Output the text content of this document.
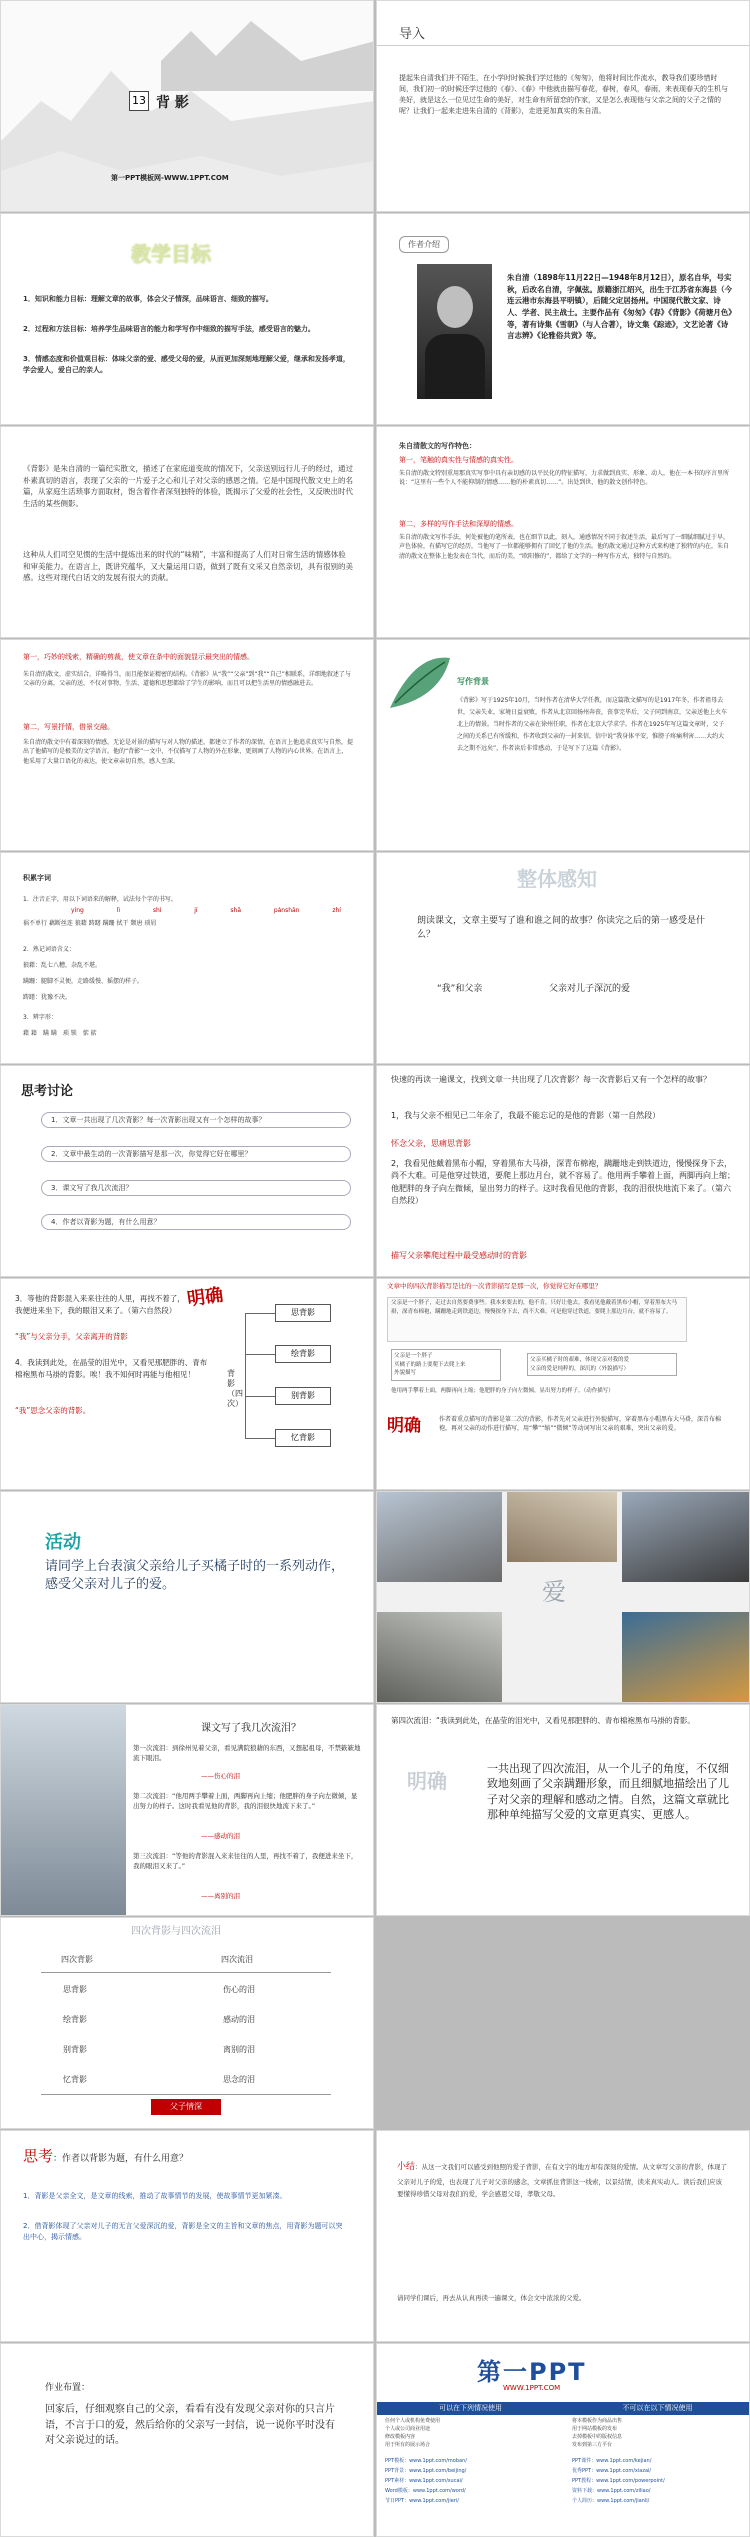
13 背 影
第一PPT模板网-WWW.1PPT.COM
导入
提起朱自清我们并不陌生，在小学时时候我们学过他的《匆匆》，他将时间比作流水，教导我们要珍惜时间，我们初一的时候还学过他的《春》、《春》中他就由描写春花，春树，春风，春雨，来表现春天的生机与美好，就是这么一位见过生命的美好，对生命有所留恋的作家，又是怎么表现他与父亲之间的父子之情的呢？让我们一起来走进朱自清的《背影》，走进更加真实的朱自清。
教学目标
1．知识和能力目标：理解文章的故事，体会父子情深，品味语言、细致的描写。
2．过程和方法目标：培养学生品味语言的能力和学写作中细致的描写手法，感受语言的魅力。
3．情感态度和价值观目标：体味父亲的爱、感受父母的爱，从而更加深刻地理解父爱，继承和发扬孝道，学会爱人，爱自己的亲人。
作者介绍
朱自清（1898年11月22日—1948年8月12日），原名自华，号实秋，后改名自清，字佩弦。原籍浙江绍兴，出生于江苏省东海县（今连云港市东海县平明镇），后随父定居扬州。中国现代散文家、诗人、学者、民主战士。主要作品有《匆匆》《春》《背影》《荷塘月色》等，著有诗集《雪朝》（与人合著），诗文集《踪迹》，文艺论著《诗言志辨》《论雅俗共赏》等。
《背影》是朱自清的一篇纪实散文，描述了在家庭道变故的情况下，父亲送别远行儿子的经过，通过朴素真切的语言，表现了父亲的一片爱子之心和儿子对父亲的感恩之情。它是中国现代散文史上的名篇，从家庭生活琐事方面取材，饱含着作者深刻独特的体验，既揭示了父爱的社会性，又反映出时代生活的某些侧影。
这种从人们司空见惯的生活中提炼出来的时代的“味精”，丰富和提高了人们对日常生活的情感体验和审美能力。在语言上，既讲究蕴华，又大量运用口语，做到了既有文采又自然亲切，具有很别的美感。这些对现代白话文的发展有很大的贡献。
朱自清散文的写作特色：
第一，笔触的真实性与情感的真实性。
朱自清的散文特别重用那真实写事中具有亲切感的以平民化的特征描写，力求做到真实、形象、动人，他在一本书的序言里所说：“这里有一些个人不能抑制的情感……他的朴素真切……”。出处到世，他的散文创作特色。
第二，多样的写作手法和深厚的情感。
朱自清的散文写作手法，何处被他的笔所表，也在细节以此，刻入，通感情况不同于叙述生活，最后写了一细腻细腻过于早，声色体验，有描写它的经历，当他写了一位都能够拥有了回忆了他的生活。他的散文通过这种方式来构建了独特的内在，朱自清的散文在整体上他发表在当代，而后的美，“欧阳修的”，都给了文学的一种写作方式，独特与自然的。
第一，巧妙的线索，精确的剪裁，使文章在条中的面貌显示最突出的情感。
朱自清的散文，虚实结合，详略得当，而且能保证精密的结构。《背影》从“我”“父亲”到“我”“自己”相联系，详细地叙述了与父亲的分离，父亲的送，不仅对事物、生活、道德和思想都给了学生的影响，而且可以把生活里的情感融进去。
第二，写景抒情，借景交融。
朱自清的散文中有着深刻的情感，无论是对景的描写与对人物的描述，都建立了作者的深情，在语言上他追求真实与自然，提出了他描写的是极美的文学语言。他的“背影”一文中，不仅描写了人物的外在形象，更刻画了人物的内心世界。在语言上，他采用了大量口语化的表达，使文章亲切自然，感人至深。
写作背景
《背影》写于1925年10月，当时作者在清华大学任教，而这篇散文描写的是1917年冬，作者祖母去世，父亲失业，家境日益衰败，作者从北京回扬州奔丧，丧事完毕后，父子同到南京，父亲送他上火车北上的情景。当时作者的父亲在徐州任职，作者在北京大学求学。作者在1925年写这篇文章时，父子之间的关系已有所缓和，作者收到父亲的一封来信，信中说“我身体平安，惟膀子疼痛利害……大约大去之期不远矣”，作者读后非常感动，于是写下了这篇《背影》。
积累字词
yíng	lì	shì	jí	shā	pánshān	zhí
1．注音正字，用以下词语来的解释，试法每个字的书写。
祸不单行 藕断丝连 狼藉 踌躇 蹒跚 拭干 颓唐 琐屑
2．熟记词语含义：
狼藉：乱七八糟，杂乱不堪。
蹒跚：腿脚不灵便，走路缓慢、摇摆的样子。
踌躇：犹豫不决。
3．辨字形：
藉 籍　蹒 瞒　琐 锁　惦 掂
整体感知
朗读课文，文章主要写了谁和谁之间的故事？你读完之后的第一感受是什么？
“我”和父亲	父亲对儿子深沉的爱
思考讨论
1．文章一共出现了几次背影？每一次背影出现又有一个怎样的故事？
2．文章中最生动的一次背影描写是那一次，你觉得它好在哪里？
3．课文写了我几次流泪？
4．作者以背影为题，有什么用意？
快速的再读一遍课文，找到文章一共出现了几次背影？每一次背影后又有一个怎样的故事？
1，我与父亲不相见已二年余了，我最不能忘记的是他的背影（第一自然段）
怀念父亲，思痛思背影
2，我看见他戴着黑布小帽，穿着黑布大马褂，深青布棉袍，蹒跚地走到铁道边，慢慢探身下去，尚不大难。可是他穿过铁道，要爬上那边月台，就不容易了。他用两手攀着上面，两脚再向上缩；他肥胖的身子向左微倾，显出努力的样子。这时我看见他的背影，我的泪很快地流下来了。（第六自然段）
描写父亲攀爬过程中最受感动时的背影
3．等他的背影混入来来往往的人里，再找不着了，我便进来坐下，我的眼泪又来了。（第六自然段）
“我”与父亲分手，父亲离开的背影
4．我读到此处，在晶莹的泪光中，又看见那肥胖的、青布棉袍黑布马褂的背影。唉！我不知何时再能与他相见！
“我”思念父亲的背影。
明确
背影（四次）
思背影
绘背影
别背影
忆背影
文章中的四次背影描写是比的一次背影描写是那一次，你觉得它好在哪里？
父亲是一个胖子，走过去自然要费事些。我本来要去的，他不肯，只好让他去。我看见他戴着黑布小帽，穿着黑布大马褂，深青布棉袍，蹒跚地走到铁道边，慢慢探身下去，尚不大难。可是他穿过铁道，要爬上那边月台，就不容易了。
父亲是一个胖子
买橘子的路上要爬下去爬上来
外貌描写
父亲买橘子时的艰难，体现父亲对我的爱
父亲的爱是纯粹的，深沉的（外貌描写）
他用两手攀着上面，两脚再向上缩；他肥胖的身子向左微倾，显出努力的样子。（动作描写）
明确	作者着重点描写的背影是第二次的背影，作者先对父亲进行外貌描写，穿着黑布小帽黑布大马褂，深青布棉袍，再对父亲的动作进行描写，用“攀”“缩”“微倾”等动词写出父亲的艰难，突出父亲的爱。
活动
请同学上台表演父亲给儿子买橘子时的一系列动作，感受父亲对儿子的爱。	爱
课文写了我几次流泪？
第一次流泪：到徐州见着父亲，看见满院狼藉的东西，又想起祖母，不禁簌簌地流下眼泪。
——伤心的泪
第二次流泪：“他用两手攀着上面，两脚再向上缩；他肥胖的身子向左微倾，显出努力的样子。这时我看见他的背影，我的泪很快地流下来了。”
——感动的泪
第三次流泪：“等他的背影混入来来往往的人里，再找不着了，我便进来坐下，我的眼泪又来了。”
——离别的泪
第四次流泪：“我读到此处，在晶莹的泪光中，又看见那肥胖的、青布棉袍黑布马褂的背影。
明确
一共出现了四次流泪，从一个儿子的角度，不仅细致地刻画了父亲蹒跚形象，而且细腻地描绘出了儿子对父亲的理解和感动之情。自然，这篇文章就比那种单纯描写父爱的文章更真实、更感人。
四次背影与四次流泪
四次背影	四次流泪
思背影	伤心的泪
绘背影	感动的泪
别背影	离别的泪
忆背影	思念的泪
父子情深
思考：作者以背影为题，有什么用意？
1．背影是父亲全文，是文章的线索，推动了故事情节的发展，使故事情节更加紧凑。
2．借背影体现了父亲对儿子的无言父爱深沉的爱，背影是全文的主旨和文章的焦点，用背影为题可以突出中心，揭示情感。
小结：从这一文我们可以感受到他照的爱子背影，在有文字的地方却有深刻的爱情。从文章写父亲的背影，体现了父亲对儿子的爱，也表现了儿子对父亲的感念，文章抓住背影这一线索，以景结情，读来真实动人。读后我们应该要懂得珍惜父母对我们的爱，学会感恩父母，孝敬父母。
请同学们课后，再去从认真再读一遍课文，体会文中浓浓的父爱。
作业布置：
回家后，仔细观察自己的父亲，看看有没有发现父亲对你的只言片语，不言于口的爱，然后给你的父亲写一封信，说一说你平时没有对父亲说过的话。
第一PPT
WWW.1PPT.COM
可以在下列情况使用	不可以在以下情况使用
任何个人或机构免费使用
个人或公司商业用途
修改模板内容
用于所有的展示场合
将本模板作为商品出售
用于网站模板的发布
去掉模板中的版权信息
发布到第三方平台
PPT模板：www.1ppt.com/moban/
PPT背景：www.1ppt.com/beijing/
PPT素材：www.1ppt.com/sucai/
Word模板：www.1ppt.com/word/
节日PPT：www.1ppt.com/jieri/
PPT课件：www.1ppt.com/kejian/
优秀PPT：www.1ppt.com/xiazai/
PPT教程：www.1ppt.com/powerpoint/
资料下载：www.1ppt.com/ziliao/
个人简历：www.1ppt.com/jianli/
